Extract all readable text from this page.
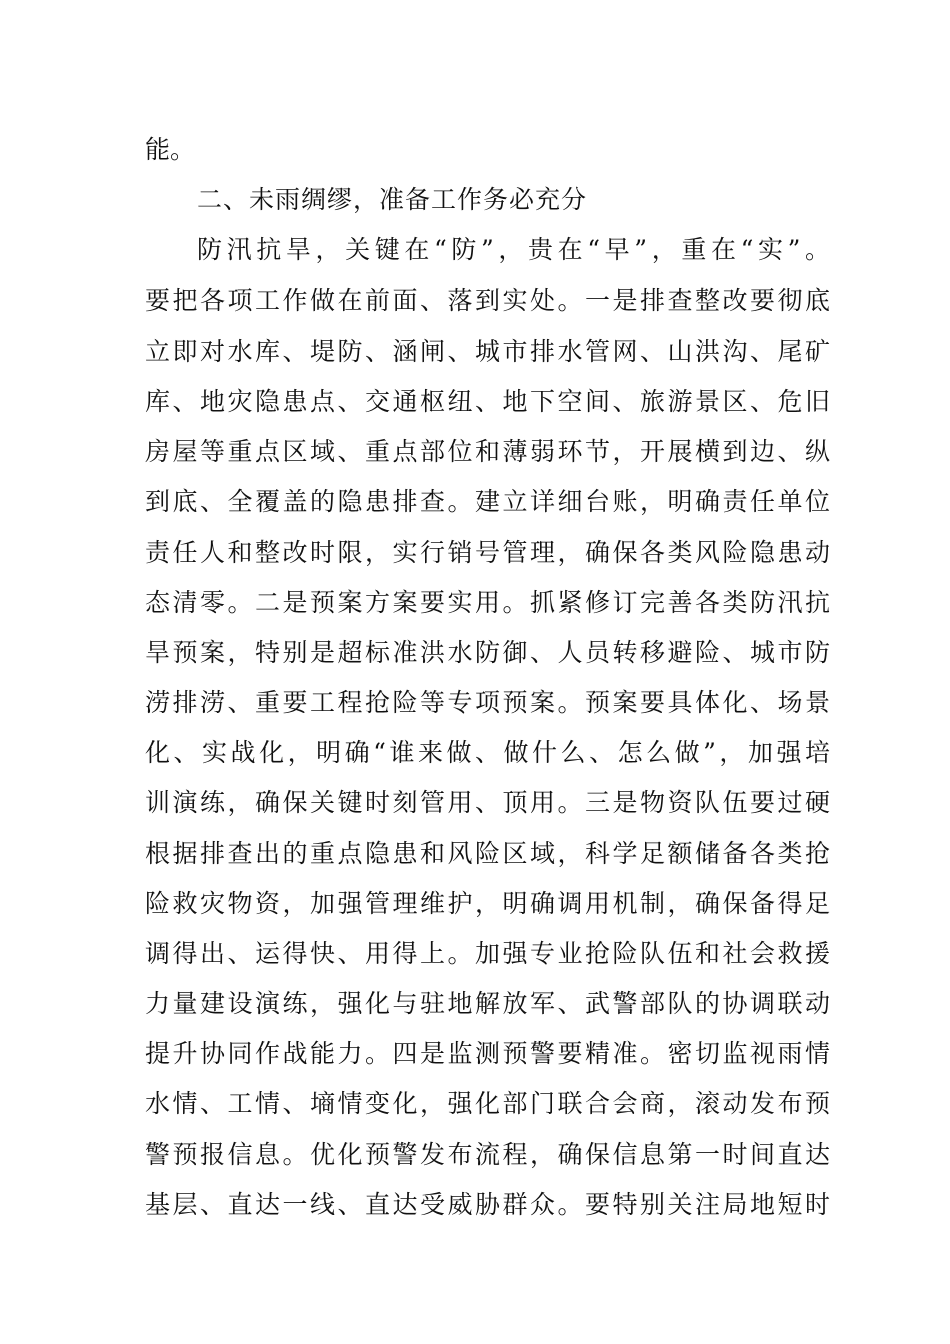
能。
二、未雨绸缪，准备工作务必充分
防汛抗旱，关键在“防”，贵在“早”，重在“实”。
要把各项工作做在前面、落到实处。一是排查整改要彻底
立即对水库、堤防、涵闸、城市排水管网、山洪沟、尾矿
库、地灾隐患点、交通枢纽、地下空间、旅游景区、危旧
房屋等重点区域、重点部位和薄弱环节，开展横到边、纵
到底、全覆盖的隐患排查。建立详细台账，明确责任单位
责任人和整改时限，实行销号管理，确保各类风险隐患动
态清零。二是预案方案要实用。抓紧修订完善各类防汛抗
旱预案，特别是超标准洪水防御、人员转移避险、城市防
涝排涝、重要工程抢险等专项预案。预案要具体化、场景
化、实战化，明确“谁来做、做什么、怎么做”，加强培
训演练，确保关键时刻管用、顶用。三是物资队伍要过硬
根据排查出的重点隐患和风险区域，科学足额储备各类抢
险救灾物资，加强管理维护，明确调用机制，确保备得足
调得出、运得快、用得上。加强专业抢险队伍和社会救援
力量建设演练，强化与驻地解放军、武警部队的协调联动
提升协同作战能力。四是监测预警要精准。密切监视雨情
水情、工情、墒情变化，强化部门联合会商，滚动发布预
警预报信息。优化预警发布流程，确保信息第一时间直达
基层、直达一线、直达受威胁群众。要特别关注局地短时
